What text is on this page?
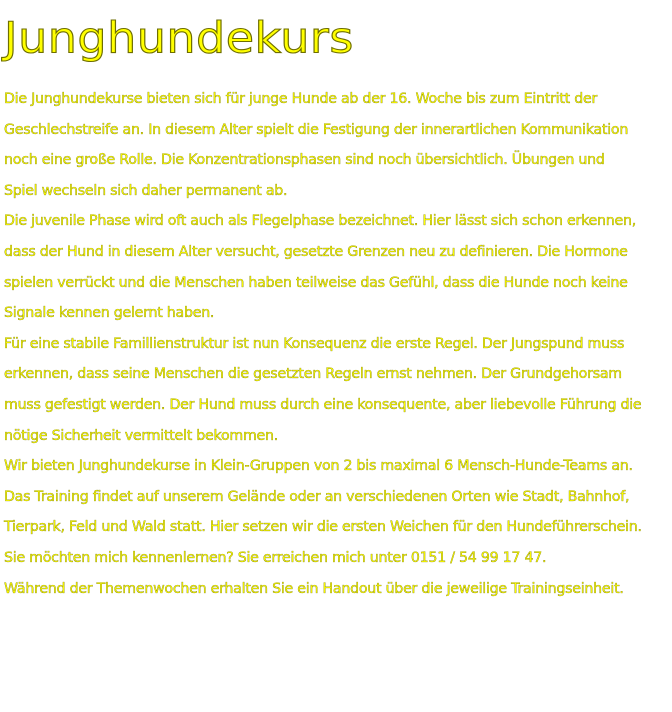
Junghundekurs
Die Junghundekurse bieten sich für junge Hunde ab der 16. Woche bis zum Eintritt der
Geschlechstreife an. In diesem Alter spielt die Festigung der innerartlichen Kommunikation
noch eine große Rolle. Die Konzentrationsphasen sind noch übersichtlich. Übungen und
Spiel wechseln sich daher permanent ab.
Die juvenile Phase wird oft auch als Flegelphase bezeichnet. Hier lässt sich schon erkennen,
dass der Hund in diesem Alter versucht, gesetzte Grenzen neu zu definieren. Die Hormone
spielen verrückt und die Menschen haben teilweise das Gefühl, dass die Hunde noch keine
Signale kennen gelernt haben.
Für eine stabile Famillienstruktur ist nun Konsequenz die erste Regel. Der Jungspund muss
erkennen, dass seine Menschen die gesetzten Regeln ernst nehmen. Der Grundgehorsam
muss gefestigt werden. Der Hund muss durch eine konsequente, aber liebevolle Führung die
nötige Sicherheit vermittelt bekommen.
Wir bieten Junghundekurse in Klein-Gruppen von 2 bis maximal 6 Mensch-Hunde-Teams an.
Das Training findet auf unserem Gelände oder an verschiedenen Orten wie Stadt, Bahnhof,
Tierpark, Feld und Wald statt. Hier setzen wir die ersten Weichen für den Hundeführerschein.
Sie möchten mich kennenlernen? Sie erreichen mich unter 0151 / 54 99 17 47.
Während der Themenwochen erhalten Sie ein Handout über die jeweilige Trainingseinheit.
